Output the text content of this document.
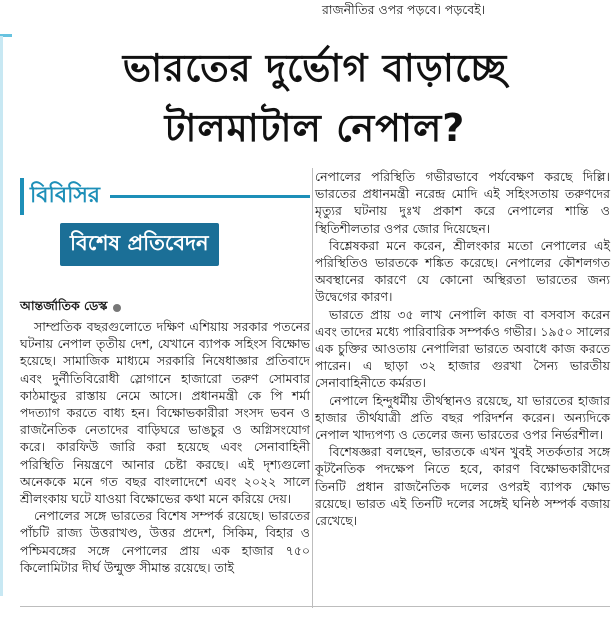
রাজনীতির ওপর পড়বে। পড়বেই।
ভারতের দুর্ভোগ বাড়াচ্ছে
টালমাটাল নেপাল?
বিবিসির
বিশেষ প্রতিবেদন
আন্তর্জাতিক ডেস্ক

সাম্প্রতিক বছরগুলোতে দক্ষিণ এশিয়ায় সরকার পতনের ঘটনায় নেপাল তৃতীয় দেশ, যেখানে ব্যাপক সহিংস বিক্ষোভ হয়েছে। সামাজিক মাধ্যমে সরকারি নিষেধাজ্ঞার প্রতিবাদে এবং দুর্নীতিবিরোধী স্লোগানে হাজারো তরুণ সোমবার কাঠমান্ডুর রাস্তায় নেমে আসে। প্রধানমন্ত্রী কে পি শর্মা পদত্যাগ করতে বাধ্য হন। বিক্ষোভকারীরা সংসদ ভবন ও রাজনৈতিক নেতাদের বাড়িঘরে ভাঙচুর ও অগ্নিসংযোগ করে। কারফিউ জারি করা হয়েছে এবং সেনাবাহিনী পরিস্থিতি নিয়ন্ত্রণে আনার চেষ্টা করছে। এই দৃশ্যগুলো অনেককে মনে গত বছর বাংলাদেশে এবং ২০২২ সালে শ্রীলংকায় ঘটে যাওয়া বিক্ষোভের কথা মনে করিয়ে দেয়।

নেপালের সঙ্গে ভারতের বিশেষ সম্পর্ক রয়েছে। ভারতের পাঁচটি রাজ্য উত্তরাখণ্ড, উত্তর প্রদেশ, সিকিম, বিহার ও পশ্চিমবঙ্গের সঙ্গে নেপালের প্রায় এক হাজার ৭৫০ কিলোমিটার দীর্ঘ উন্মুক্ত সীমান্ত রয়েছে। তাই

নেপালের পরিস্থিতি গভীরভাবে পর্যবেক্ষণ করছে দিল্লি। ভারতের প্রধানমন্ত্রী নরেন্দ্র মোদি এই সহিংসতায় তরুণদের মৃত্যুর ঘটনায় দুঃখ প্রকাশ করে নেপালের শান্তি ও স্থিতিশীলতার ওপর জোর দিয়েছেন।

বিশ্লেষকরা মনে করেন, শ্রীলংকার মতো নেপালের এই পরিস্থিতিও ভারতকে শঙ্কিত করেছে। নেপালের কৌশলগত অবস্থানের কারণে যে কোনো অস্থিরতা ভারতের জন্য উদ্বেগের কারণ।

ভারতে প্রায় ৩৫ লাখ নেপালি কাজ বা বসবাস করেন এবং তাদের মধ্যে পারিবারিক সম্পর্কও গভীর। ১৯৫০ সালের এক চুক্তির আওতায় নেপালিরা ভারতে অবাধে কাজ করতে পারেন। এ ছাড়া ৩২ হাজার গুরখা সৈন্য ভারতীয় সেনাবাহিনীতে কর্মরত।

নেপালে হিন্দুধর্মীয় তীর্থস্থানও রয়েছে, যা ভারতের হাজার হাজার তীর্থযাত্রী প্রতি বছর পরিদর্শন করেন। অন্যদিকে নেপাল খাদ্যপণ্য ও তেলের জন্য ভারতের ওপর নির্ভরশীল।

বিশেষজ্ঞরা বলছেন, ভারতকে এখন খুবই সতর্কতার সঙ্গে কূটনৈতিক পদক্ষেপ নিতে হবে, কারণ বিক্ষোভকারীদের তিনটি প্রধান রাজনৈতিক দলের ওপরই ব্যাপক ক্ষোভ রয়েছে। ভারত এই তিনটি দলের সঙ্গেই ঘনিষ্ঠ সম্পর্ক বজায় রেখেছে।
